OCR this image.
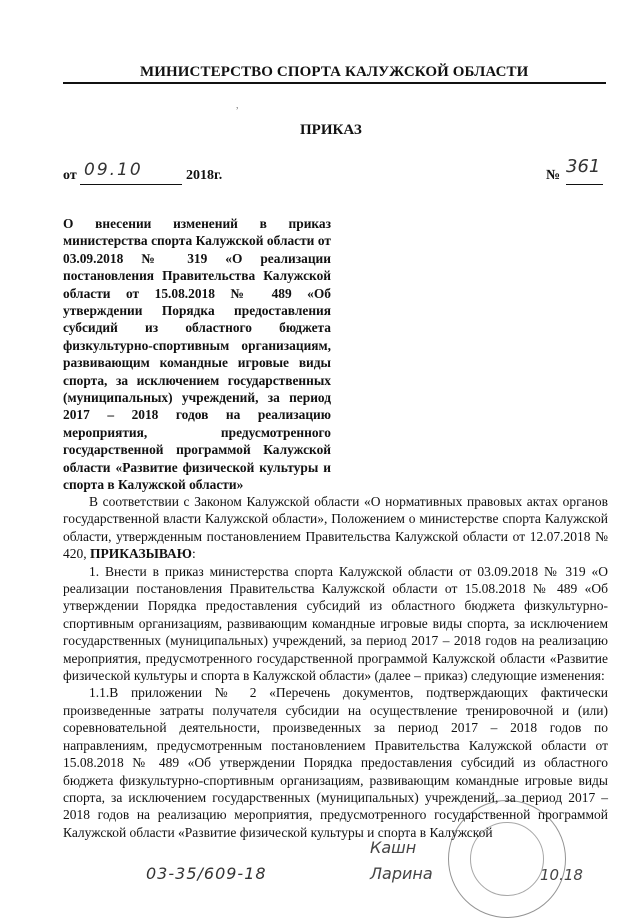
МИНИСТЕРСТВО СПОРТА КАЛУЖСКОЙ ОБЛАСТИ
,
ПРИКАЗ
от 09.10	2018г.	№ 361
О внесении изменений в приказ министерства спорта Калужской области от 03.09.2018 № 319 «О реализации постановления Правительства Калужской области от 15.08.2018 № 489 «Об утверждении Порядка предоставления субсидий из областного бюджета физкультурно-спортивным организациям, развивающим командные игровые виды спорта, за исключением государственных (муниципальных) учреждений, за период 2017 – 2018 годов на реализацию мероприятия, предусмотренного государственной программой Калужской области «Развитие физической культуры и спорта в Калужской области»

В соответствии с Законом Калужской области «О нормативных правовых актах органов государственной власти Калужской области», Положением о министерстве спорта Калужской области, утвержденным постановлением Правительства Калужской области от 12.07.2018 № 420, ПРИКАЗЫВАЮ:

1. Внести в приказ министерства спорта Калужской области от 03.09.2018 № 319 «О реализации постановления Правительства Калужской области от 15.08.2018 № 489 «Об утверждении Порядка предоставления субсидий из областного бюджета физкультурно-спортивным организациям, развивающим командные игровые виды спорта, за исключением государственных (муниципальных) учреждений, за период 2017 – 2018 годов на реализацию мероприятия, предусмотренного государственной программой Калужской области «Развитие физической культуры и спорта в Калужской области» (далее – приказ) следующие изменения:

1.1.В приложении № 2 «Перечень документов, подтверждающих фактически произведенные затраты получателя субсидии на осуществление тренировочной и (или) соревновательной деятельности, произведенных за период 2017 – 2018 годов по направлениям, предусмотренным постановлением Правительства Калужской области от 15.08.2018 № 489 «Об утверждении Порядка предоставления субсидий из областного бюджета физкультурно-спортивным организациям, развивающим командные игровые виды спорта, за исключением государственных (муниципальных) учреждений, за период 2017 – 2018 годов на реализацию мероприятия, предусмотренного государственной программой Калужской области «Развитие физической культуры и спорта в Калужской

03-35/609-18
Кашн
Ларина	10.18
